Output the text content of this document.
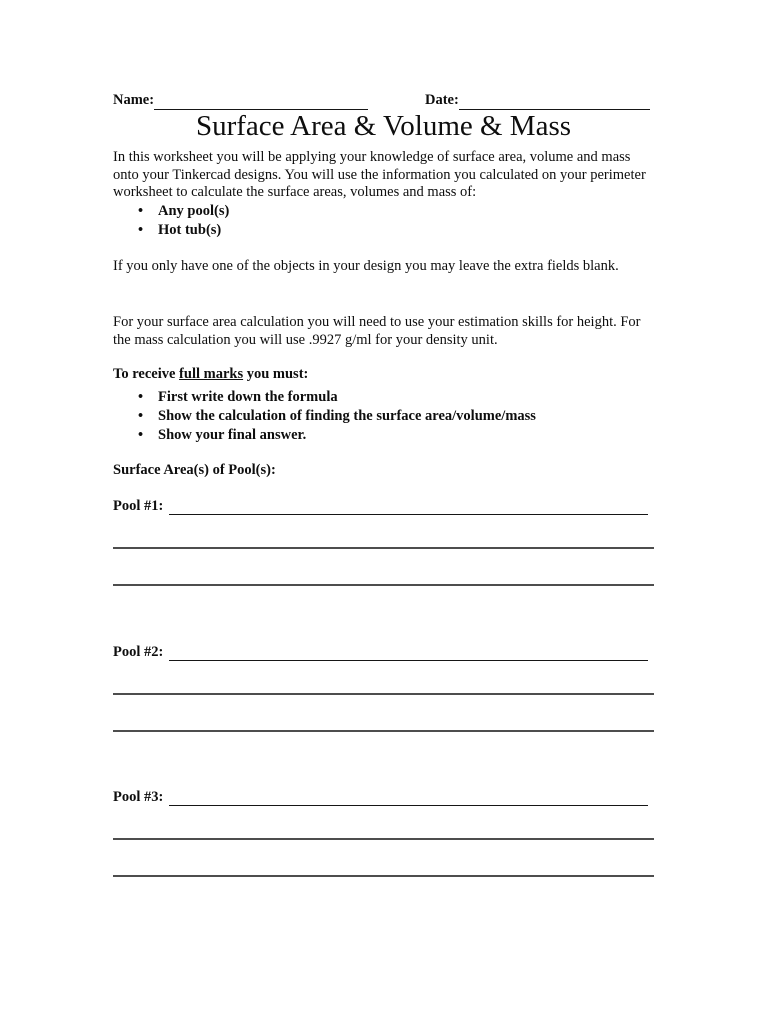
Name:	Date:
Surface Area & Volume & Mass

In this worksheet you will be applying your knowledge of surface area, volume and mass onto your Tinkercad designs. You will use the information you calculated on your perimeter worksheet to calculate the surface areas, volumes and mass of:

• Any pool(s)
• Hot tub(s)

If you only have one of the objects in your design you may leave the extra fields blank.

For your surface area calculation you will need to use your estimation skills for height. For the mass calculation you will use .9927 g/ml for your density unit.

To receive full marks you must:

• First write down the formula
• Show the calculation of finding the surface area/volume/mass
• Show your final answer.

Surface Area(s) of Pool(s):

Pool #1:
Pool #2:
Pool #3:
